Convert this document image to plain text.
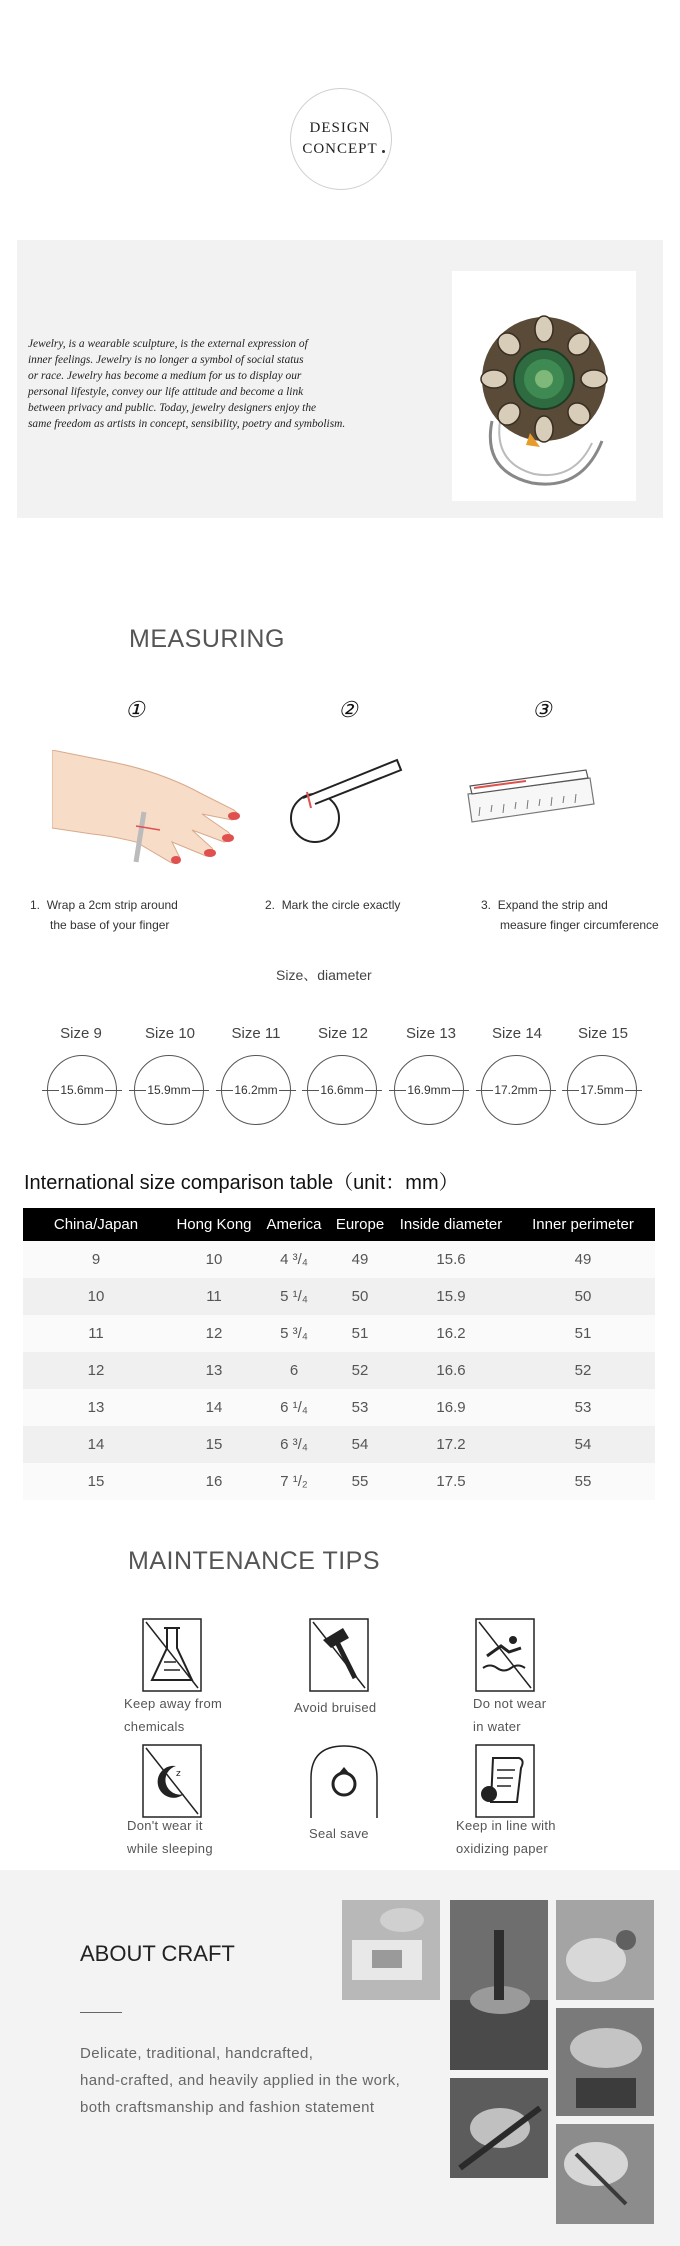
DESIGN
CONCEPT
Jewelry, is a wearable sculpture, is the external expression of
inner feelings. Jewelry is no longer a symbol of social status
or race. Jewelry has become a medium for us to display our
personal lifestyle, convey our life attitude and become a link
between privacy and public. Today, jewelry designers enjoy the
same freedom as artists in concept, sensibility, poetry and symbolism.
MEASURING
①	②	③
1. Wrap a 2cm strip around
the base of your finger
2. Mark the circle exactly	3. Expand the strip and
measure finger circumference
Size、diameter
Size 9	Size 10	Size 11	Size 12	Size 13	Size 14	Size 15
15.6mm	15.9mm	16.2mm	16.6mm	16.9mm	17.2mm	17.5mm
International size comparison table（unit：mm）
China/Japan	Hong Kong	America	Europe	Inside diameter	Inner perimeter
9	10	4 ³/₄	49	15.6	49
10	11	5 ¹/₄	50	15.9	50
11	12	5 ³/₄	51	16.2	51
12	13	6	52	16.6	52
13	14	6 ¹/₄	53	16.9	53
14	15	6 ³/₄	54	17.2	54
15	16	7 ¹/₂	55	17.5	55
MAINTENANCE TIPS
Keep away from
chemicals
Avoid bruised	Do not wear
in water
z
Don't wear it
while sleeping
Seal save
Keep in line with
oxidizing paper
ABOUT CRAFT
Delicate, traditional, handcrafted,
hand-crafted, and heavily applied in the work,
both craftsmanship and fashion statement
